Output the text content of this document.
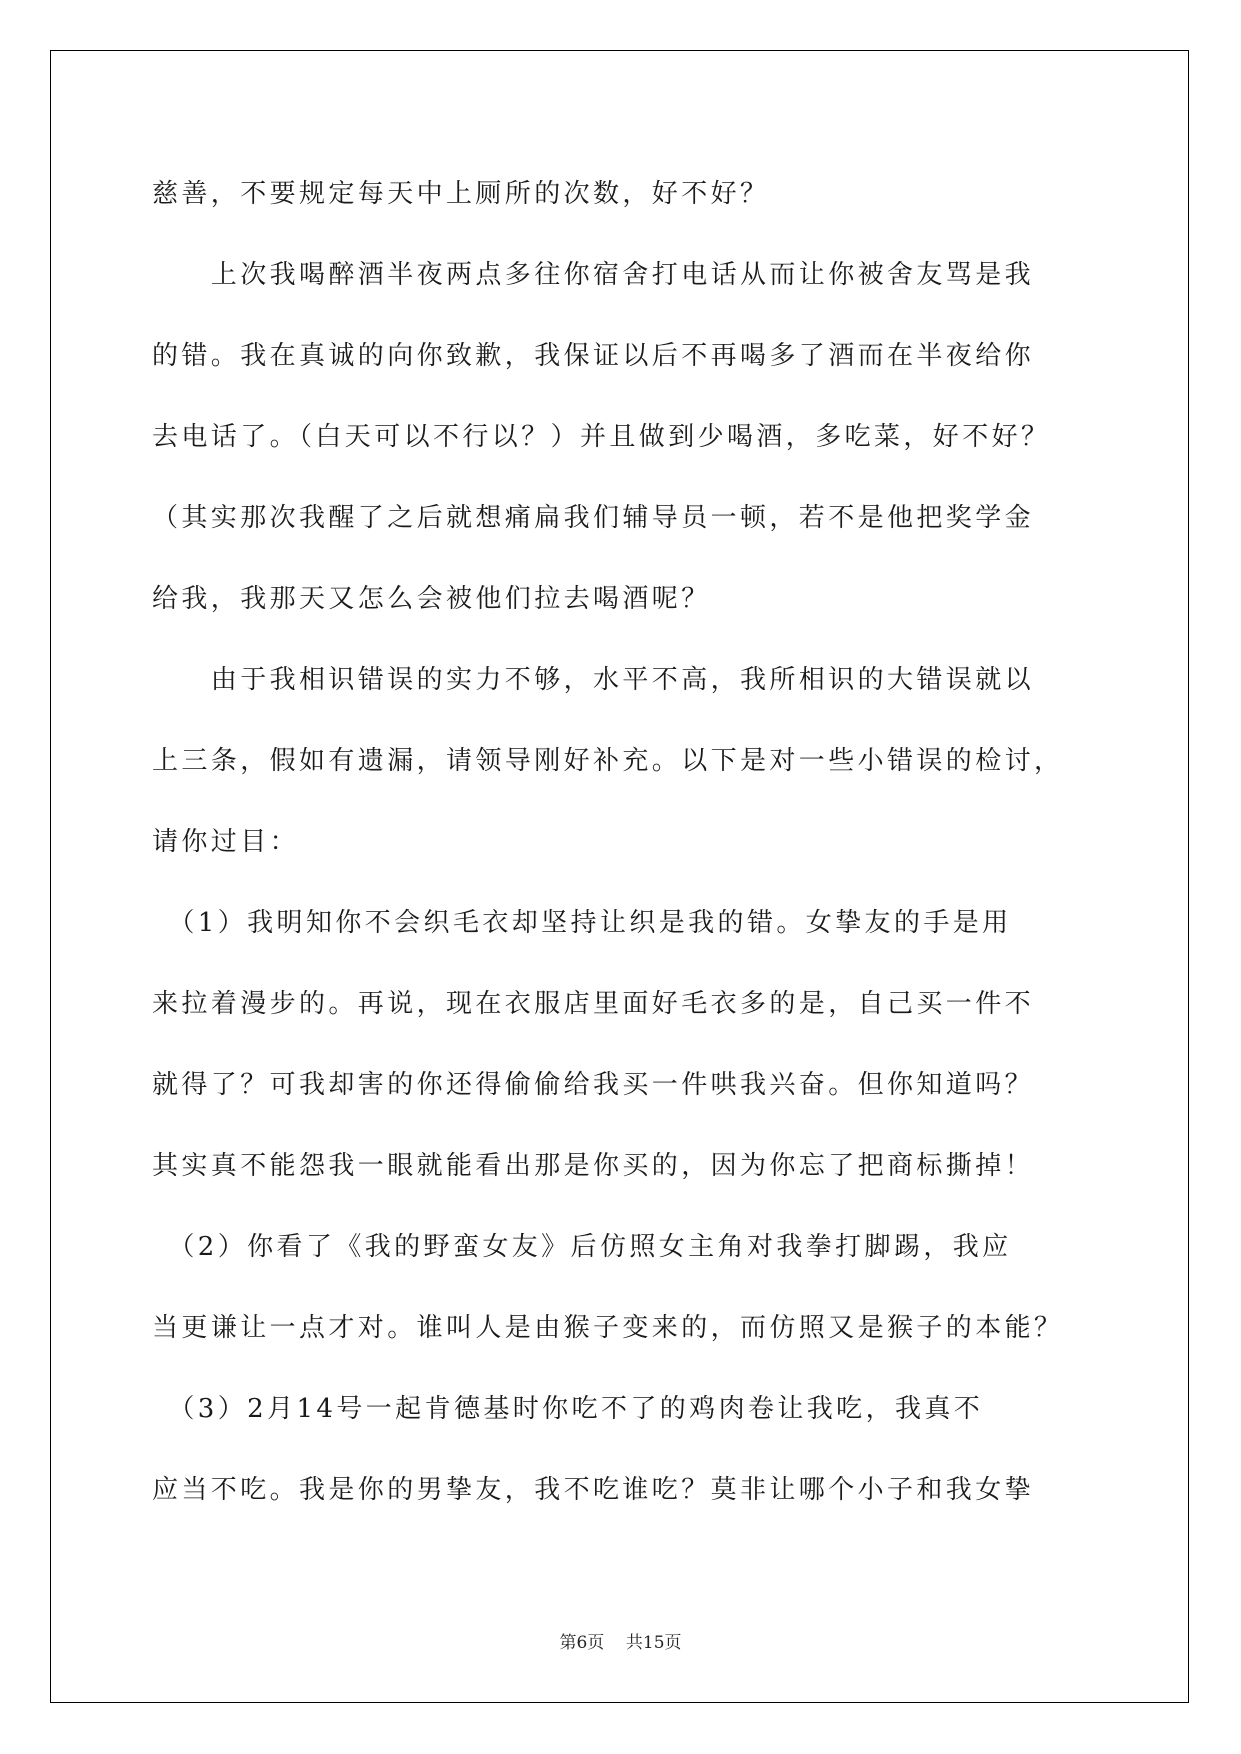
慈善，不要规定每天中上厕所的次数，好不好？
　　上次我喝醉酒半夜两点多往你宿舍打电话从而让你被舍友骂是我
的错。我在真诚的向你致歉，我保证以后不再喝多了酒而在半夜给你
去电话了。（白天可以不行以？）并且做到少喝酒，多吃菜，好不好？
（其实那次我醒了之后就想痛扁我们辅导员一顿，若不是他把奖学金
给我，我那天又怎么会被他们拉去喝酒呢？
　　由于我相识错误的实力不够，水平不高，我所相识的大错误就以
上三条，假如有遗漏，请领导刚好补充。以下是对一些小错误的检讨，
请你过目：
　（1）我明知你不会织毛衣却坚持让织是我的错。女挚友的手是用
来拉着漫步的。再说，现在衣服店里面好毛衣多的是，自己买一件不
就得了？可我却害的你还得偷偷给我买一件哄我兴奋。但你知道吗？
其实真不能怨我一眼就能看出那是你买的，因为你忘了把商标撕掉！
　（2）你看了《我的野蛮女友》后仿照女主角对我拳打脚踢，我应
当更谦让一点才对。谁叫人是由猴子变来的，而仿照又是猴子的本能？
　（3）2月14号一起肯德基时你吃不了的鸡肉卷让我吃，我真不
应当不吃。我是你的男挚友，我不吃谁吃？莫非让哪个小子和我女挚
第6页 共15页
